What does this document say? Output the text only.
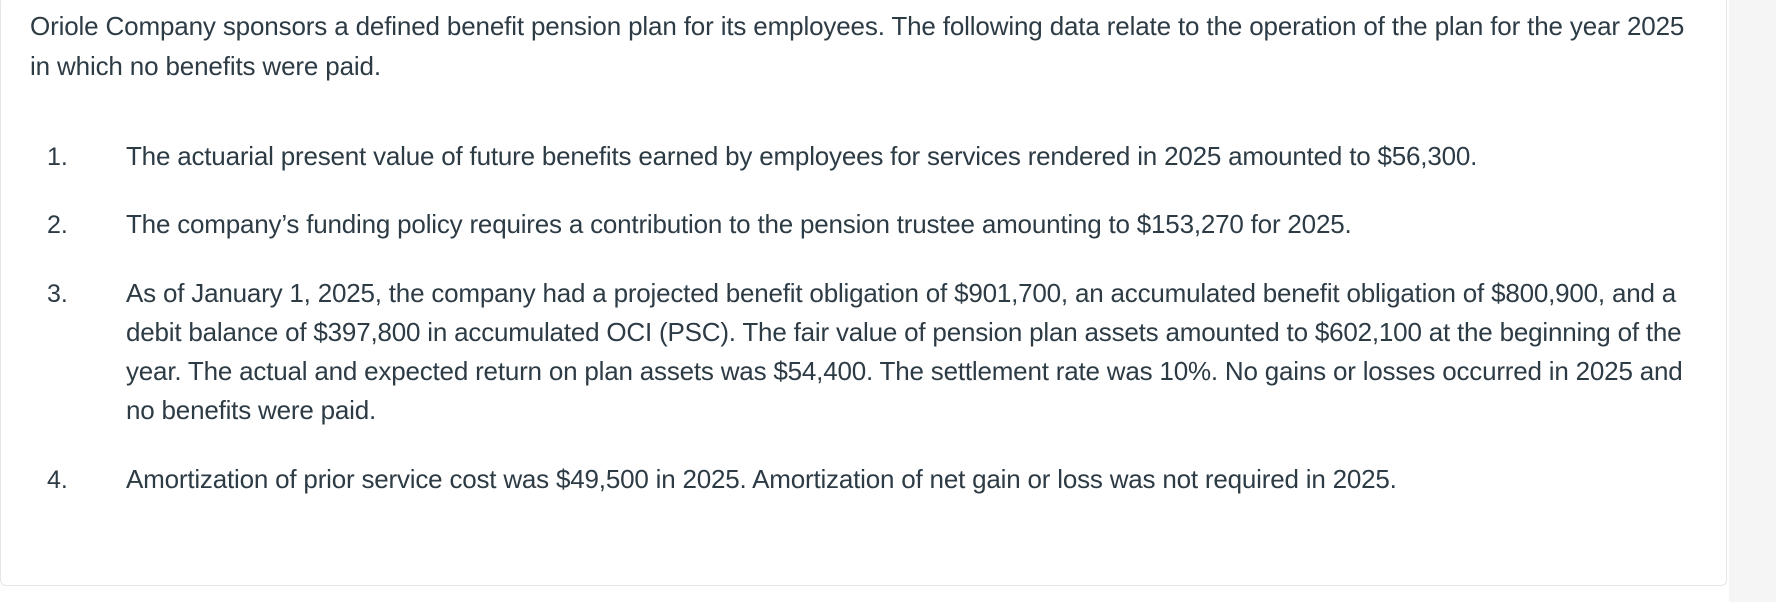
Oriole Company sponsors a defined benefit pension plan for its employees. The following data relate to the operation of the plan for the year 2025 in which no benefits were paid.

1. The actuarial present value of future benefits earned by employees for services rendered in 2025 amounted to $56,300.
2. The company’s funding policy requires a contribution to the pension trustee amounting to $153,270 for 2025.
3. As of January 1, 2025, the company had a projected benefit obligation of $901,700, an accumulated benefit obligation of $800,900, and a debit balance of $397,800 in accumulated OCI (PSC). The fair value of pension plan assets amounted to $602,100 at the beginning of the year. The actual and expected return on plan assets was $54,400. The settlement rate was 10%. No gains or losses occurred in 2025 and no benefits were paid.
4. Amortization of prior service cost was $49,500 in 2025. Amortization of net gain or loss was not required in 2025.
